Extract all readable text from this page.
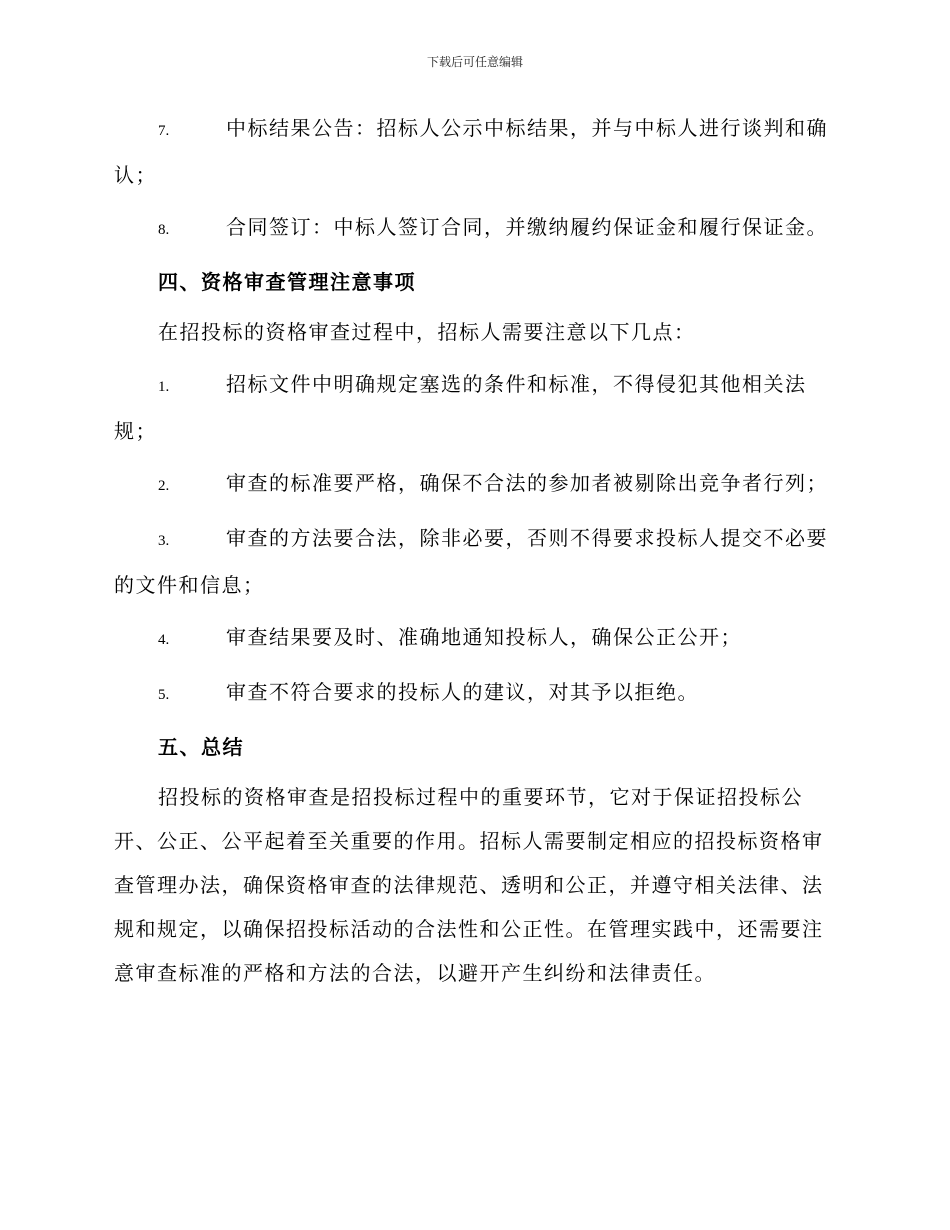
下载后可任意编辑

7.	中标结果公告：招标人公示中标结果，并与中标人进行谈判和确认；

8.	合同签订：中标人签订合同，并缴纳履约保证金和履行保证金。

四、资格审查管理注意事项

在招投标的资格审查过程中，招标人需要注意以下几点：

1.	招标文件中明确规定塞选的条件和标准，不得侵犯其他相关法规；

2.	审查的标准要严格，确保不合法的参加者被剔除出竞争者行列；

3.	审查的方法要合法，除非必要，否则不得要求投标人提交不必要的文件和信息；

4.	审查结果要及时、准确地通知投标人，确保公正公开；

5.	审查不符合要求的投标人的建议，对其予以拒绝。

五、总结

招投标的资格审查是招投标过程中的重要环节，它对于保证招投标公开、公正、公平起着至关重要的作用。招标人需要制定相应的招投标资格审查管理办法，确保资格审查的法律规范、透明和公正，并遵守相关法律、法规和规定，以确保招投标活动的合法性和公正性。在管理实践中，还需要注意审查标准的严格和方法的合法，以避开产生纠纷和法律责任。
